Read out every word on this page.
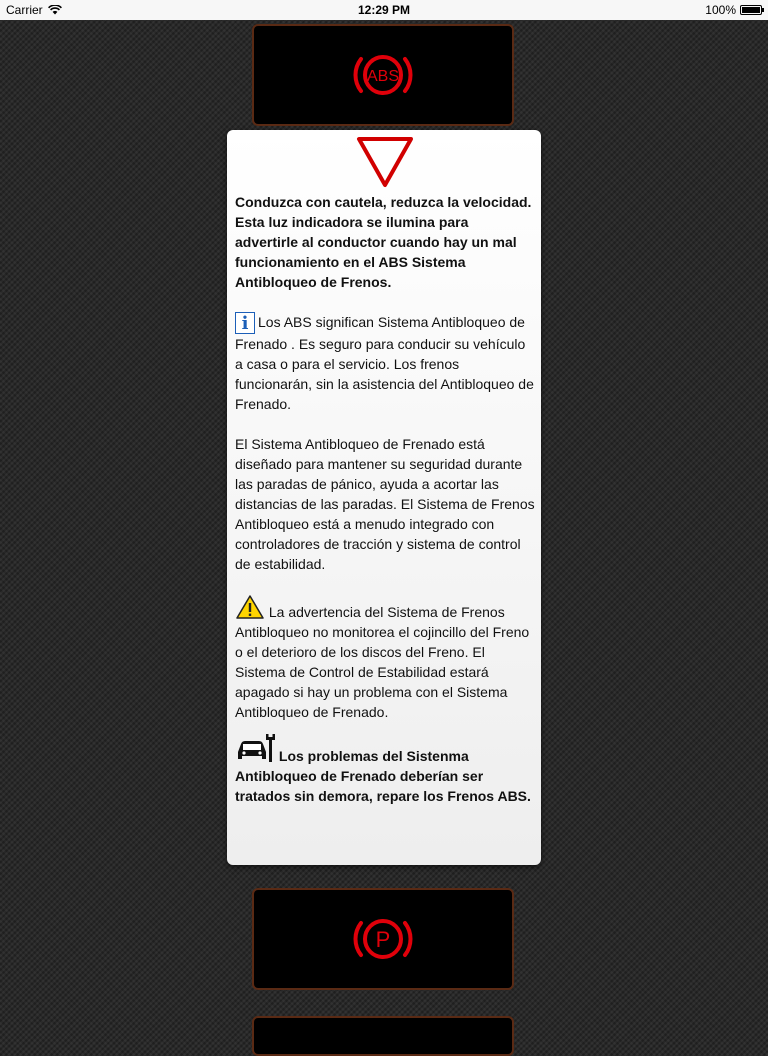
Carrier	12:29 PM	100%
ABS

Conduzca con cautela, reduzca la velocidad.

Esta luz indicadora se ilumina para advertirle al conductor cuando hay un mal funcionamiento en el ABS Sistema Antibloqueo de Frenos.

i Los ABS significan Sistema Antibloqueo de Frenado . Es seguro para conducir su vehículo a casa o para el servicio. Los frenos funcionarán, sin la asistencia del Antibloqueo de Frenado.

El Sistema Antibloqueo de Frenado está diseñado para mantener su seguridad durante las paradas de pánico, ayuda a acortar las distancias de las paradas. El Sistema de Frenos Antibloqueo está a menudo integrado con controladores de tracción y sistema de control de estabilidad.

La advertencia del Sistema de Frenos Antibloqueo no monitorea el cojincillo del Freno o el deterioro de los discos del Freno. El Sistema de Control de Estabilidad estará apagado si hay un problema con el Sistema Antibloqueo de Frenado.

Los problemas del Sistenma Antibloqueo de Frenado deberían ser tratados sin demora, repare los Frenos ABS.

P
